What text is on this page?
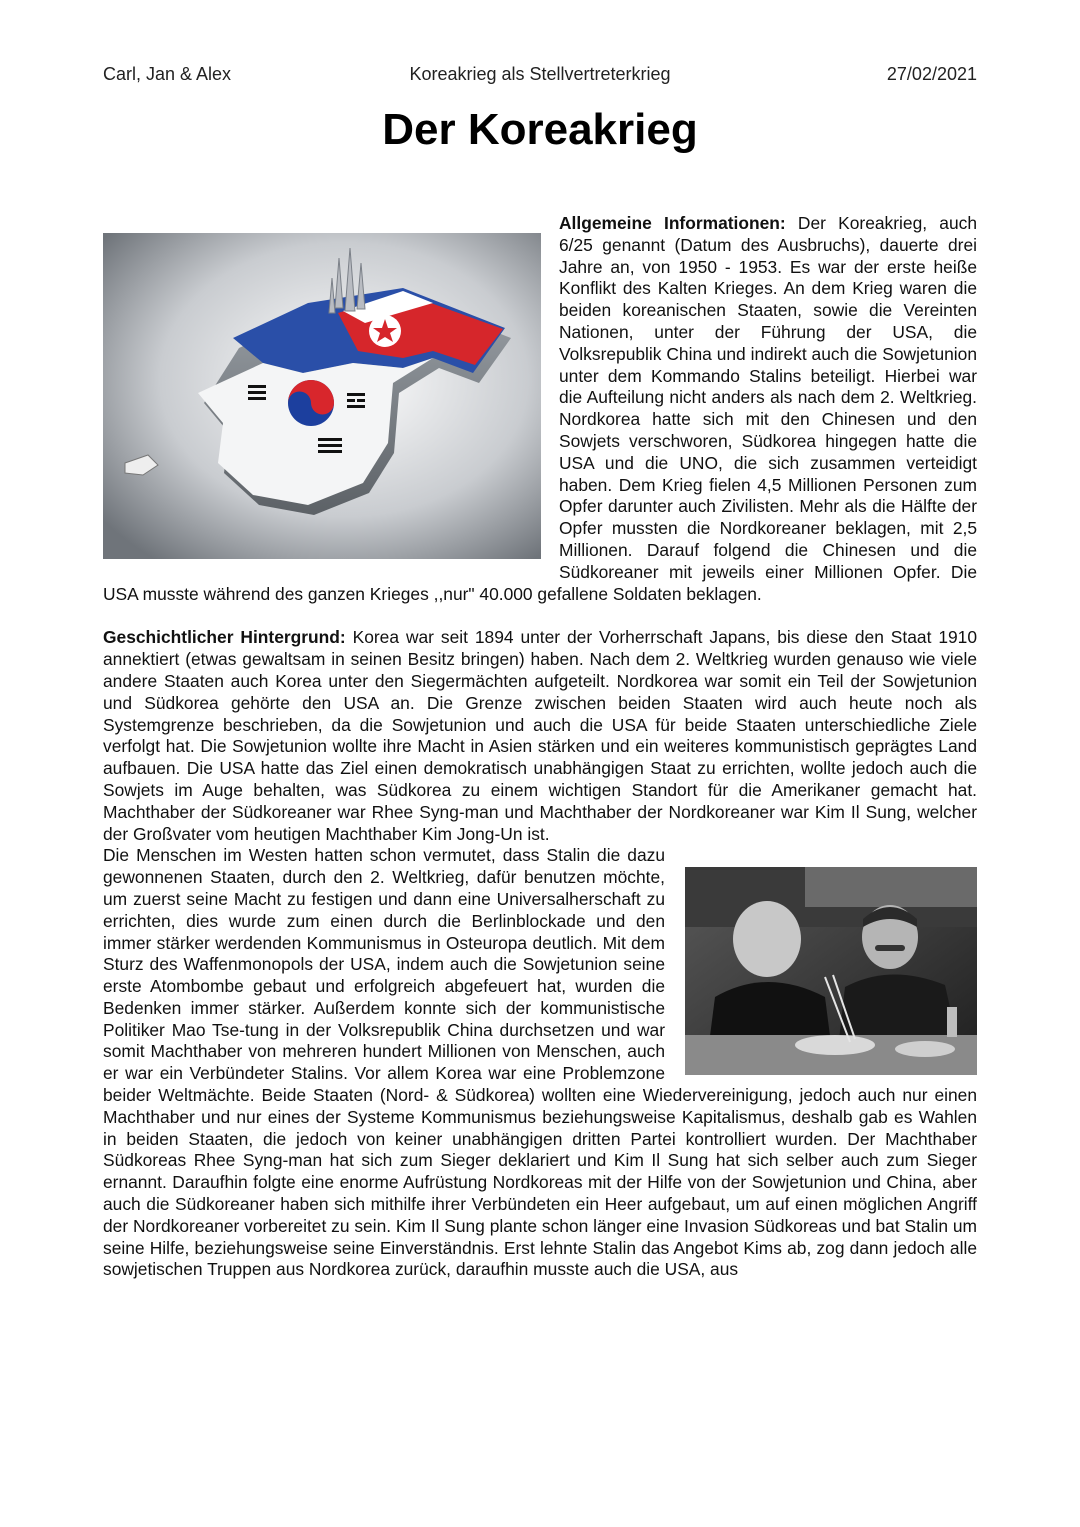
Carl, Jan & Alex	Koreakrieg als Stellvertreterkrieg	27/02/2021
Der Koreakrieg

Allgemeine Informationen: Der Koreakrieg, auch 6/25 genannt (Datum des Ausbruchs), dauerte drei Jahre an, von 1950 - 1953. Es war der erste heiße Konflikt des Kalten Krieges. An dem Krieg waren die beiden koreanischen Staaten, sowie die Vereinten Nationen, unter der Führung der USA, die Volksrepublik China und indirekt auch die Sowjetunion unter dem Kommando Stalins beteiligt. Hierbei war die Aufteilung nicht anders als nach dem 2. Weltkrieg. Nordkorea hatte sich mit den Chinesen und den Sowjets verschworen, Südkorea hingegen hatte die USA und die UNO, die sich zusammen verteidigt haben. Dem Krieg fielen 4,5 Millionen Personen zum Opfer darunter auch Zivilisten. Mehr als die Hälfte der Opfer mussten die Nordkoreaner beklagen, mit 2,5 Millionen. Darauf folgend die Chinesen und die Südkoreaner mit jeweils einer Millionen Opfer. Die USA musste während des ganzen Krieges ,,nur" 40.000 gefallene Soldaten beklagen.

Geschichtlicher Hintergrund: Korea war seit 1894 unter der Vorherrschaft Japans, bis diese den Staat 1910 annektiert (etwas gewaltsam in seinen Besitz bringen) haben. Nach dem 2. Weltkrieg wurden genauso wie viele andere Staaten auch Korea unter den Siegermächten aufgeteilt. Nordkorea war somit ein Teil der Sowjetunion und Südkorea gehörte den USA an. Die Grenze zwischen beiden Staaten wird auch heute noch als Systemgrenze beschrieben, da die Sowjetunion und auch die USA für beide Staaten unterschiedliche Ziele verfolgt hat. Die Sowjetunion wollte ihre Macht in Asien stärken und ein weiteres kommunistisch geprägtes Land aufbauen. Die USA hatte das Ziel einen demokratisch unabhängigen Staat zu errichten, wollte jedoch auch die Sowjets im Auge behalten, was Südkorea zu einem wichtigen Standort für die Amerikaner gemacht hat. Machthaber der Südkoreaner war Rhee Syng-man und Machthaber der Nordkoreaner war Kim Il Sung, welcher der Großvater vom heutigen Machthaber Kim Jong-Un ist.

Die Menschen im Westen hatten schon vermutet, dass Stalin die dazu gewonnenen Staaten, durch den 2. Weltkrieg, dafür benutzen möchte, um zuerst seine Macht zu festigen und dann eine Universalherschaft zu errichten, dies wurde zum einen durch die Berlinblockade und den immer stärker werdenden Kommunismus in Osteuropa deutlich. Mit dem Sturz des Waffenmonopols der USA, indem auch die Sowjetunion seine erste Atombombe gebaut und erfolgreich abgefeuert hat, wurden die Bedenken immer stärker. Außerdem konnte sich der kommunistische Politiker Mao Tse-tung in der Volksrepublik China durchsetzen und war somit Machthaber von mehreren hundert Millionen von Menschen, auch er war ein Verbündeter Stalins. Vor allem Korea war eine Problemzone beider Weltmächte. Beide Staaten (Nord- & Südkorea) wollten eine Wiedervereinigung, jedoch auch nur einen Machthaber und nur eines der Systeme Kommunismus beziehungsweise Kapitalismus, deshalb gab es Wahlen in beiden Staaten, die jedoch von keiner unabhängigen dritten Partei kontrolliert wurden. Der Machthaber Südkoreas Rhee Syng-man hat sich zum Sieger deklariert und Kim Il Sung hat sich selber auch zum Sieger ernannt. Daraufhin folgte eine enorme Aufrüstung Nordkoreas mit der Hilfe von der Sowjetunion und China, aber auch die Südkoreaner haben sich mithilfe ihrer Verbündeten ein Heer aufgebaut, um auf einen möglichen Angriff der Nordkoreaner vorbereitet zu sein. Kim Il Sung plante schon länger eine Invasion Südkoreas und bat Stalin um seine Hilfe, beziehungsweise seine Einverständnis. Erst lehnte Stalin das Angebot Kims ab, zog dann jedoch alle sowjetischen Truppen aus Nordkorea zurück, daraufhin musste auch die USA, aus
